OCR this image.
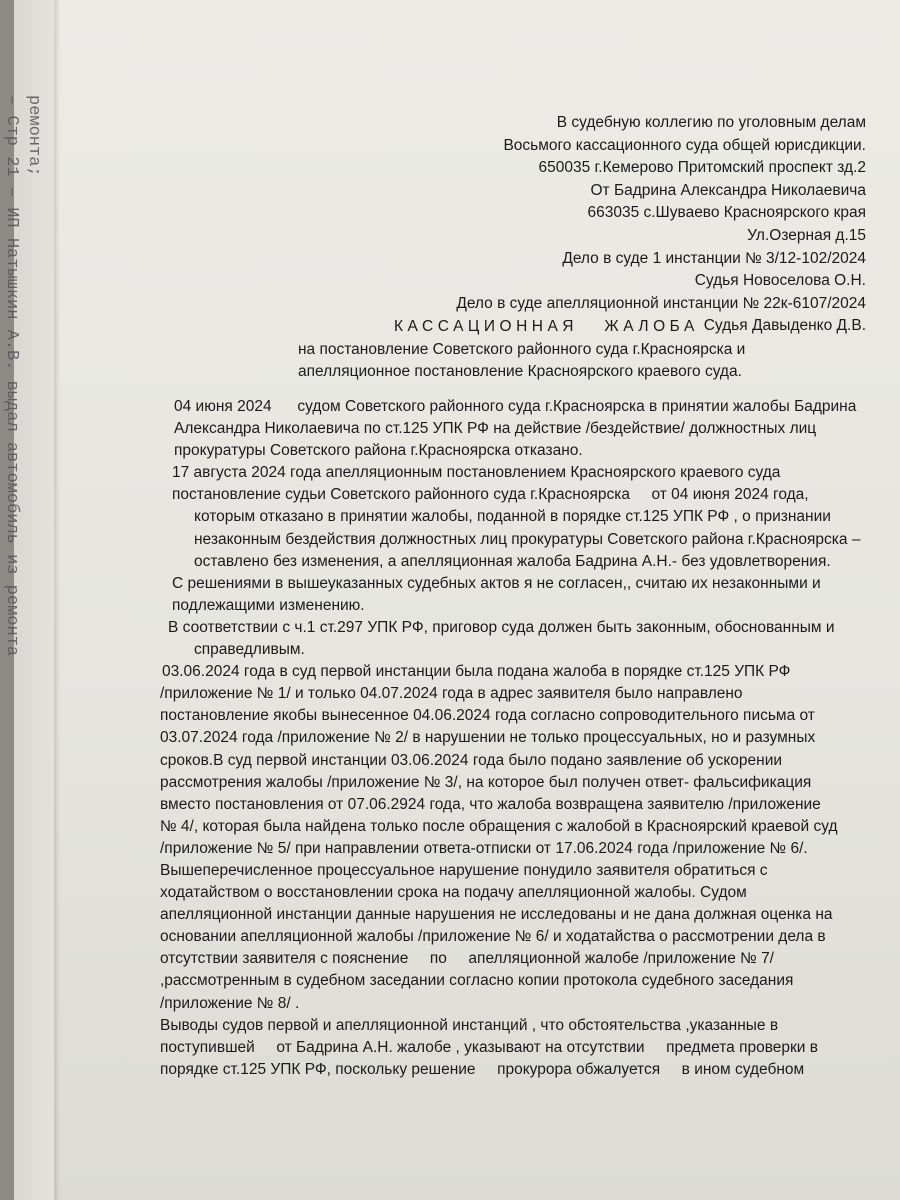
ремонта;
– Стр 21 – ИП Натышкин А.В. выдал автомобиль из ремонта	В судебную коллегию по уголовным делам
Восьмого кассационного суда общей юрисдикции.
650035 г.Кемерово Притомский проспект зд.2
От Бадрина Александра Николаевича
663035 с.Шуваево Красноярского края
Ул.Озерная д.15
Дело в суде 1 инстанции № 3/12-102/2024
Судья Новоселова О.Н.
Дело в суде апелляционной инстанции № 22к-6107/2024
Судья Давыденко Д.В.
КАССАЦИОННАЯ   ЖАЛОБА
на постановление Советского районного суда г.Красноярска и
апелляционное постановление Красноярского краевого суда.
04 июня 2024      судом Советского районного суда г.Красноярска в принятии жалобы Бадрина
Александра Николаевича по ст.125 УПК РФ на действие /бездействие/ должностных лиц
прокуратуры Советского района г.Красноярска отказано.
17 августа 2024 года апелляционным постановлением Красноярского краевого суда
постановление судьи Советского районного суда г.Красноярска     от 04 июня 2024 года,
которым отказано в принятии жалобы, поданной в порядке ст.125 УПК РФ , о признании
незаконным бездействия должностных лиц прокуратуры Советского района г.Красноярска –
оставлено без изменения, а апелляционная жалоба Бадрина А.Н.- без удовлетворения.
С решениями в вышеуказанных судебных актов я не согласен,, считаю их незаконными и
подлежащими изменению.
В соответствии с ч.1 ст.297 УПК РФ, приговор суда должен быть законным, обоснованным и
справедливым.
03.06.2024 года в суд первой инстанции была подана жалоба в порядке ст.125 УПК РФ
/приложение № 1/ и только 04.07.2024 года в адрес заявителя было направлено
постановление якобы вынесенное 04.06.2024 года согласно сопроводительного письма от
03.07.2024 года /приложение № 2/ в нарушении не только процессуальных, но и разумных
сроков.В суд первой инстанции 03.06.2024 года было подано заявление об ускорении
рассмотрения жалобы /приложение № 3/, на которое был получен ответ- фальсификация
вместо постановления от 07.06.2924 года, что жалоба возвращена заявителю /приложение
№ 4/, которая была найдена только после обращения с жалобой в Красноярский краевой суд
/приложение № 5/ при направлении ответа-отписки от 17.06.2024 года /приложение № 6/.
Вышеперечисленное процессуальное нарушение понудило заявителя обратиться с
ходатайством о восстановлении срока на подачу апелляционной жалобы. Судом
апелляционной инстанции данные нарушения не исследованы и не дана должная оценка на
основании апелляционной жалобы /приложение № 6/ и ходатайства о рассмотрении дела в
отсутствии заявителя с пояснение     по     апелляционной жалобе /приложение № 7/
,рассмотренным в судебном заседании согласно копии протокола судебного заседания
/приложение № 8/ .
Выводы судов первой и апелляционной инстанций , что обстоятельства ,указанные в
поступившей     от Бадрина А.Н. жалобе , указывают на отсутствии     предмета проверки в
порядке ст.125 УПК РФ, поскольку решение     прокурора обжалуется     в ином судебном
